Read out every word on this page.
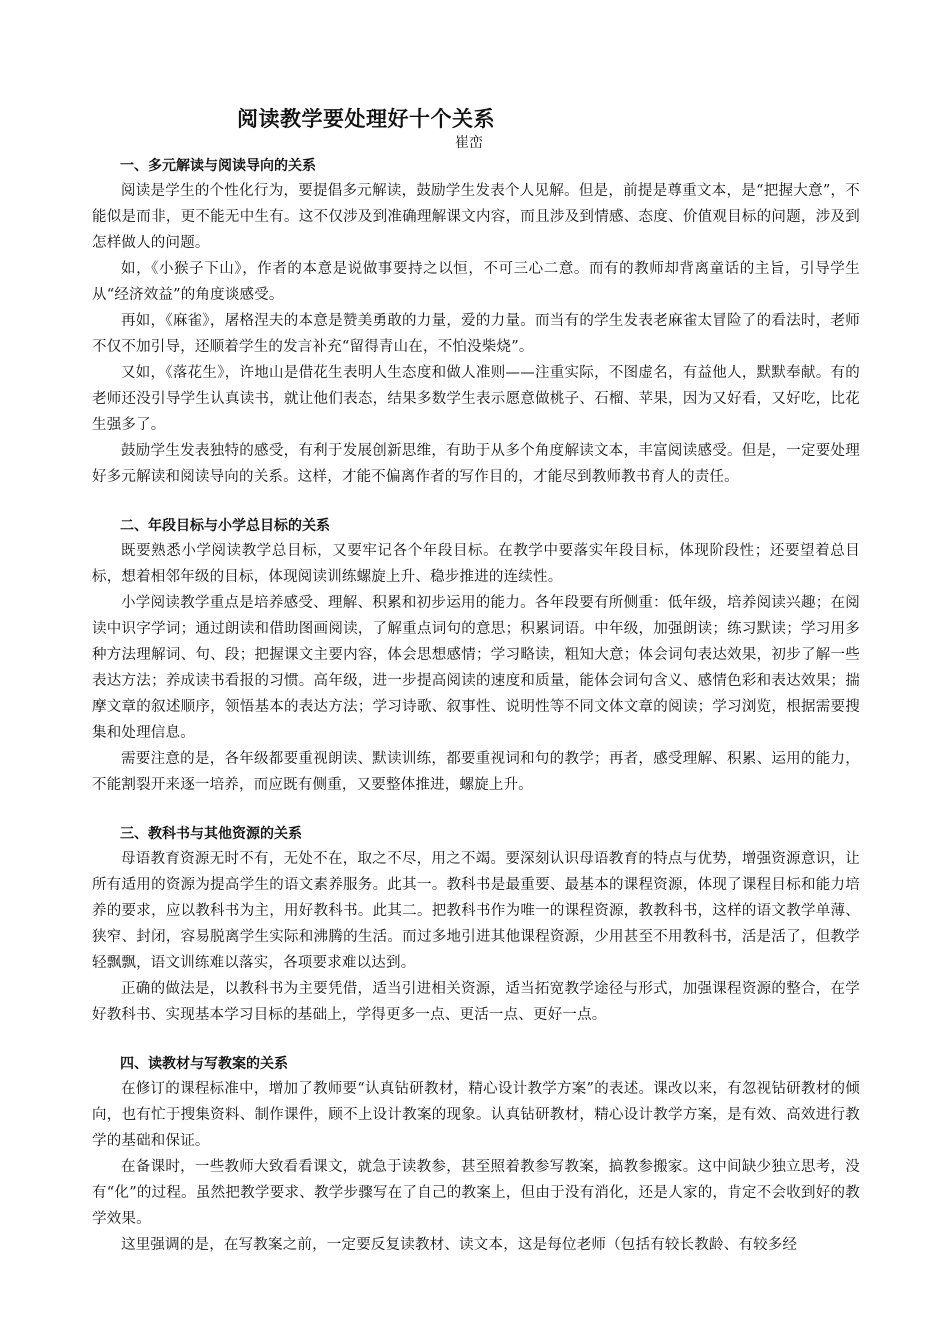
阅读教学要处理好十个关系
崔峦
一、多元解读与阅读导向的关系

阅读是学生的个性化行为，要提倡多元解读，鼓励学生发表个人见解。但是，前提是尊重文本，是“把握大意”，不能似是而非，更不能无中生有。这不仅涉及到准确理解课文内容，而且涉及到情感、态度、价值观目标的问题，涉及到怎样做人的问题。

如，《小猴子下山》，作者的本意是说做事要持之以恒，不可三心二意。而有的教师却背离童话的主旨，引导学生从“经济效益”的角度谈感受。

再如，《麻雀》，屠格涅夫的本意是赞美勇敢的力量，爱的力量。而当有的学生发表老麻雀太冒险了的看法时，老师不仅不加引导，还顺着学生的发言补充“留得青山在，不怕没柴烧”。

又如，《落花生》，许地山是借花生表明人生态度和做人准则——注重实际，不图虚名，有益他人，默默奉献。有的老师还没引导学生认真读书，就让他们表态，结果多数学生表示愿意做桃子、石榴、苹果，因为又好看，又好吃，比花生强多了。

鼓励学生发表独特的感受，有利于发展创新思维，有助于从多个角度解读文本，丰富阅读感受。但是，一定要处理好多元解读和阅读导向的关系。这样，才能不偏离作者的写作目的，才能尽到教师教书育人的责任。

二、年段目标与小学总目标的关系

既要熟悉小学阅读教学总目标，又要牢记各个年段目标。在教学中要落实年段目标，体现阶段性；还要望着总目标，想着相邻年级的目标，体现阅读训练螺旋上升、稳步推进的连续性。

小学阅读教学重点是培养感受、理解、积累和初步运用的能力。各年段要有所侧重：低年级，培养阅读兴趣；在阅读中识字学词；通过朗读和借助图画阅读，了解重点词句的意思；积累词语。中年级，加强朗读；练习默读；学习用多种方法理解词、句、段；把握课文主要内容，体会思想感情；学习略读，粗知大意；体会词句表达效果，初步了解一些表达方法；养成读书看报的习惯。高年级，进一步提高阅读的速度和质量，能体会词句含义、感情色彩和表达效果；揣摩文章的叙述顺序，领悟基本的表达方法；学习诗歌、叙事性、说明性等不同文体文章的阅读；学习浏览，根据需要搜集和处理信息。

需要注意的是，各年级都要重视朗读、默读训练，都要重视词和句的教学；再者，感受理解、积累、运用的能力，不能割裂开来逐一培养，而应既有侧重，又要整体推进，螺旋上升。

三、教科书与其他资源的关系

母语教育资源无时不有，无处不在，取之不尽，用之不竭。要深刻认识母语教育的特点与优势，增强资源意识，让所有适用的资源为提高学生的语文素养服务。此其一。教科书是最重要、最基本的课程资源，体现了课程目标和能力培养的要求，应以教科书为主，用好教科书。此其二。把教科书作为唯一的课程资源，教教科书，这样的语文教学单薄、狭窄、封闭，容易脱离学生实际和沸腾的生活。而过多地引进其他课程资源，少用甚至不用教科书，活是活了，但教学轻飘飘，语文训练难以落实，各项要求难以达到。

正确的做法是，以教科书为主要凭借，适当引进相关资源，适当拓宽教学途径与形式，加强课程资源的整合，在学好教科书、实现基本学习目标的基础上，学得更多一点、更活一点、更好一点。

四、读教材与写教案的关系

在修订的课程标准中，增加了教师要“认真钻研教材，精心设计教学方案”的表述。课改以来，有忽视钻研教材的倾向，也有忙于搜集资料、制作课件，顾不上设计教案的现象。认真钻研教材，精心设计教学方案，是有效、高效进行教学的基础和保证。

在备课时，一些教师大致看看课文，就急于读教参，甚至照着教参写教案，搞教参搬家。这中间缺少独立思考，没有“化”的过程。虽然把教学要求、教学步骤写在了自己的教案上，但由于没有消化，还是人家的，肯定不会收到好的教学效果。

这里强调的是，在写教案之前，一定要反复读教材、读文本，这是每位老师（包括有较长教龄、有较多经
